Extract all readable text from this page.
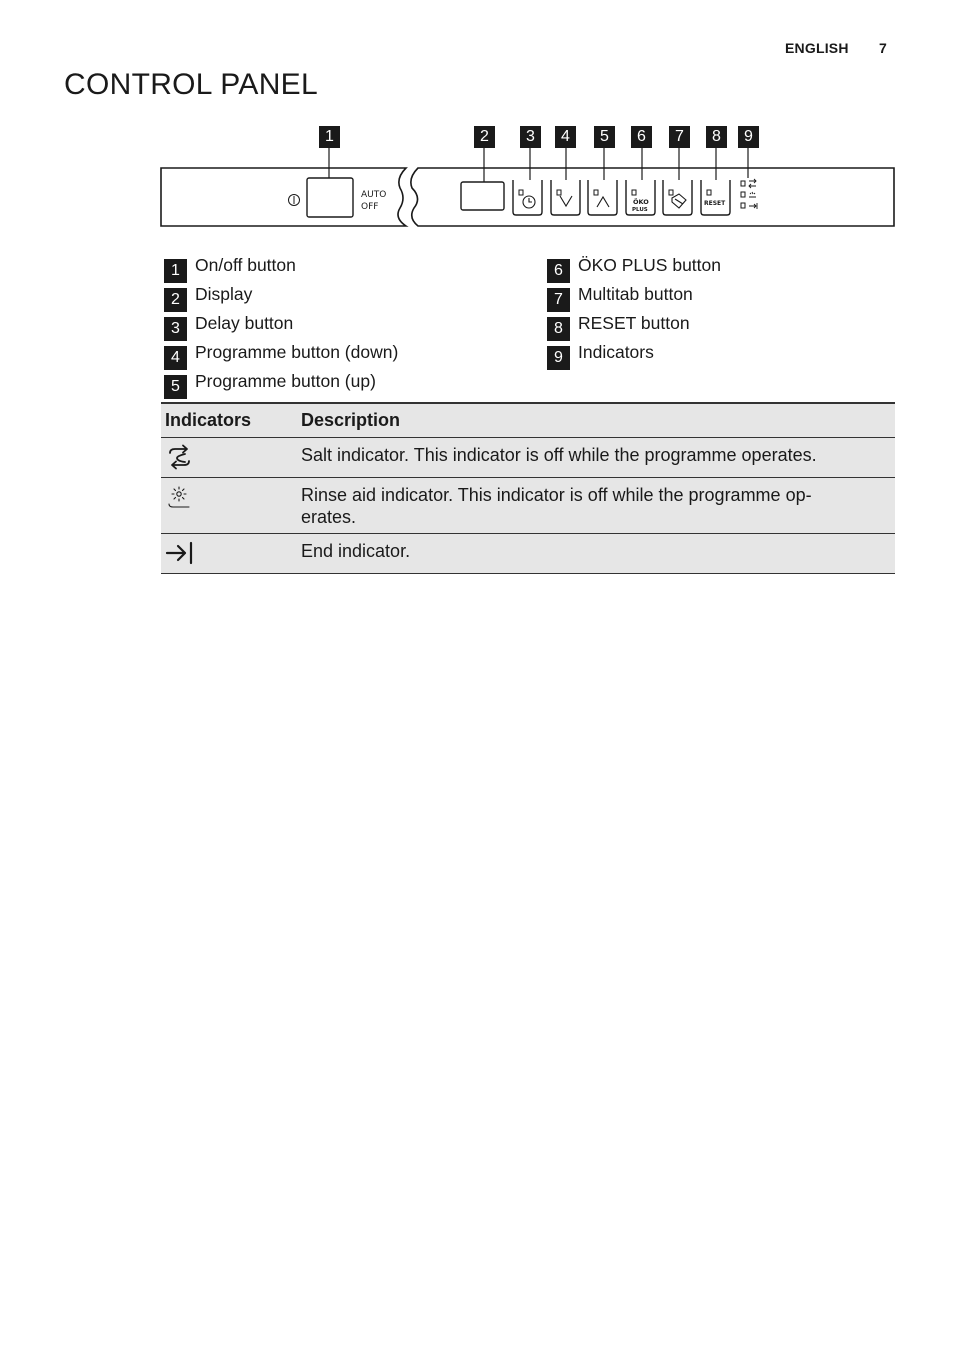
ENGLISH 7
CONTROL PANEL
1	2	3	4	5	6	7	8	9
ÖKO
PLUS
RESET
AUTO
OFF
1 On/off button
2 Display
3 Delay button
4 Programme button (down)
5 Programme button (up)
6 ÖKO PLUS button
7 Multitab button
8 RESET button
9 Indicators
Indicators	Description

Salt indicator. This indicator is off while the programme operates.

Rinse aid indicator. This indicator is off while the programme op-
erates.

End indicator.
